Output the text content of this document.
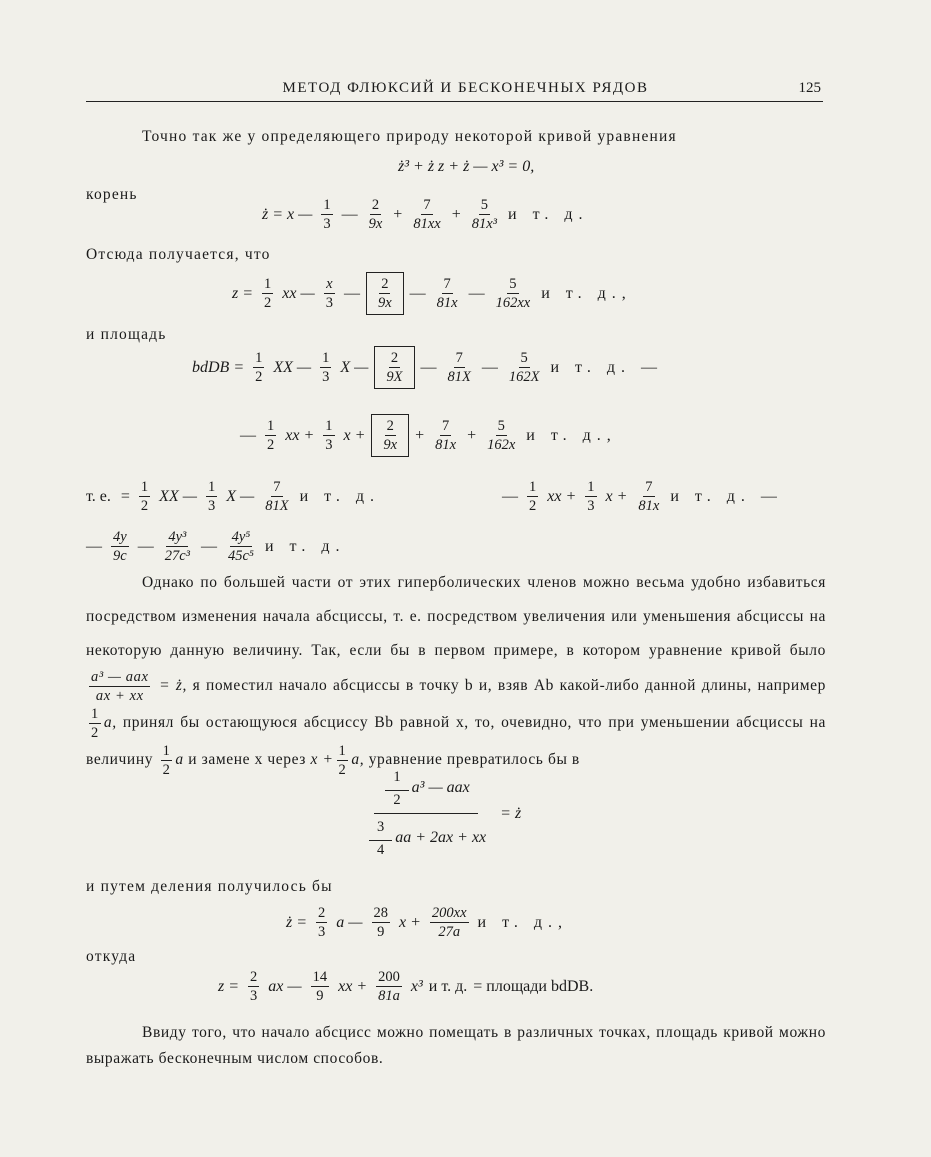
МЕТОД ФЛЮКСИЙ И БЕСКОНЕЧНЫХ РЯДОВ	125
Точно так же у определяющего природу некоторой кривой уравнения
ż³ + ż z + ż — x³ = 0,
корень
ż = x — $\frac{1}{3}$ — $\frac{2}{9x} + \frac{7}{81xx} + \frac{5}{\text{81x³}}$ и т. д.
Отсюда получается, что
$z = \frac{1}{2}$ xx — $\frac{x}{3}$ — $\frac{2}{9x}$ — $\frac{7}{81x}$ — $\frac{5}{162xx}$ и т. д.,
и площадь
bdDB = $\frac{1}{2}$ XX — $\frac{1}{3}$ X — $\frac{2}{9X}$ — $\frac{7}{81X}$ — $\frac{5}{162X}$ и т. д. —
— $\frac{1}{2}$ xx + $\frac{1}{3}$ $x + \frac{2}{9x} + \frac{7}{81x} + \frac{5}{162x}$ и т. д.,
т. е. = $\frac{1}{2}$ XX — $\frac{1}{3}$ X — $\frac{7}{81X}$ и т. д.	— $\frac{1}{2}$ xx + $\frac{1}{3}$ $x + \frac{7}{81x}$ и т. д. —
— $\frac{4y}{9c}$ — $\frac{\text{4y³}}{\text{27c³}}$ — $\frac{\text{4y⁵}}{\text{45c⁵}}$ и т. д.
Однако по большей части от этих гиперболических членов можно весьма удобно избавиться посредством изменения начала абсциссы, т. е. посредством увеличения или уменьшения абсциссы на некоторую данную величину. Так, если бы в первом примере, в котором уравнение кривой было
$\frac{\text{a³ — aax}}{ax + xx}$ = ż, я поместил начало абсциссы в точку b и, взяв Ab какой-либо данной длины, например
$\frac{1}{2} a$, принял бы остающуюся абсциссу Bb равной x, то, очевидно, что при уменьшении абсциссы на величину $\frac{1}{2}$ a и замене x через $x + \frac{1}{2} a$, уравнение превратилось бы в
$\frac{1}{2} a^3$ — aax
$\frac{3}{4}$ aa + 2ax + xx
= ż
и путем деления получилось бы
ż = $\frac{2}{3}$ a — $\frac{28}{9}$ $x + \frac{200xx}{27a}$ и т. д.,
откуда
$z = \frac{2}{3}$ ax — $\frac{14}{9}$ xx + $\frac{200}{81a} x^3$ и т. д. = площади bdDB.
Ввиду того, что начало абсцисс можно помещать в различных точках, площадь кривой можно выражать бесконечным числом способов.
